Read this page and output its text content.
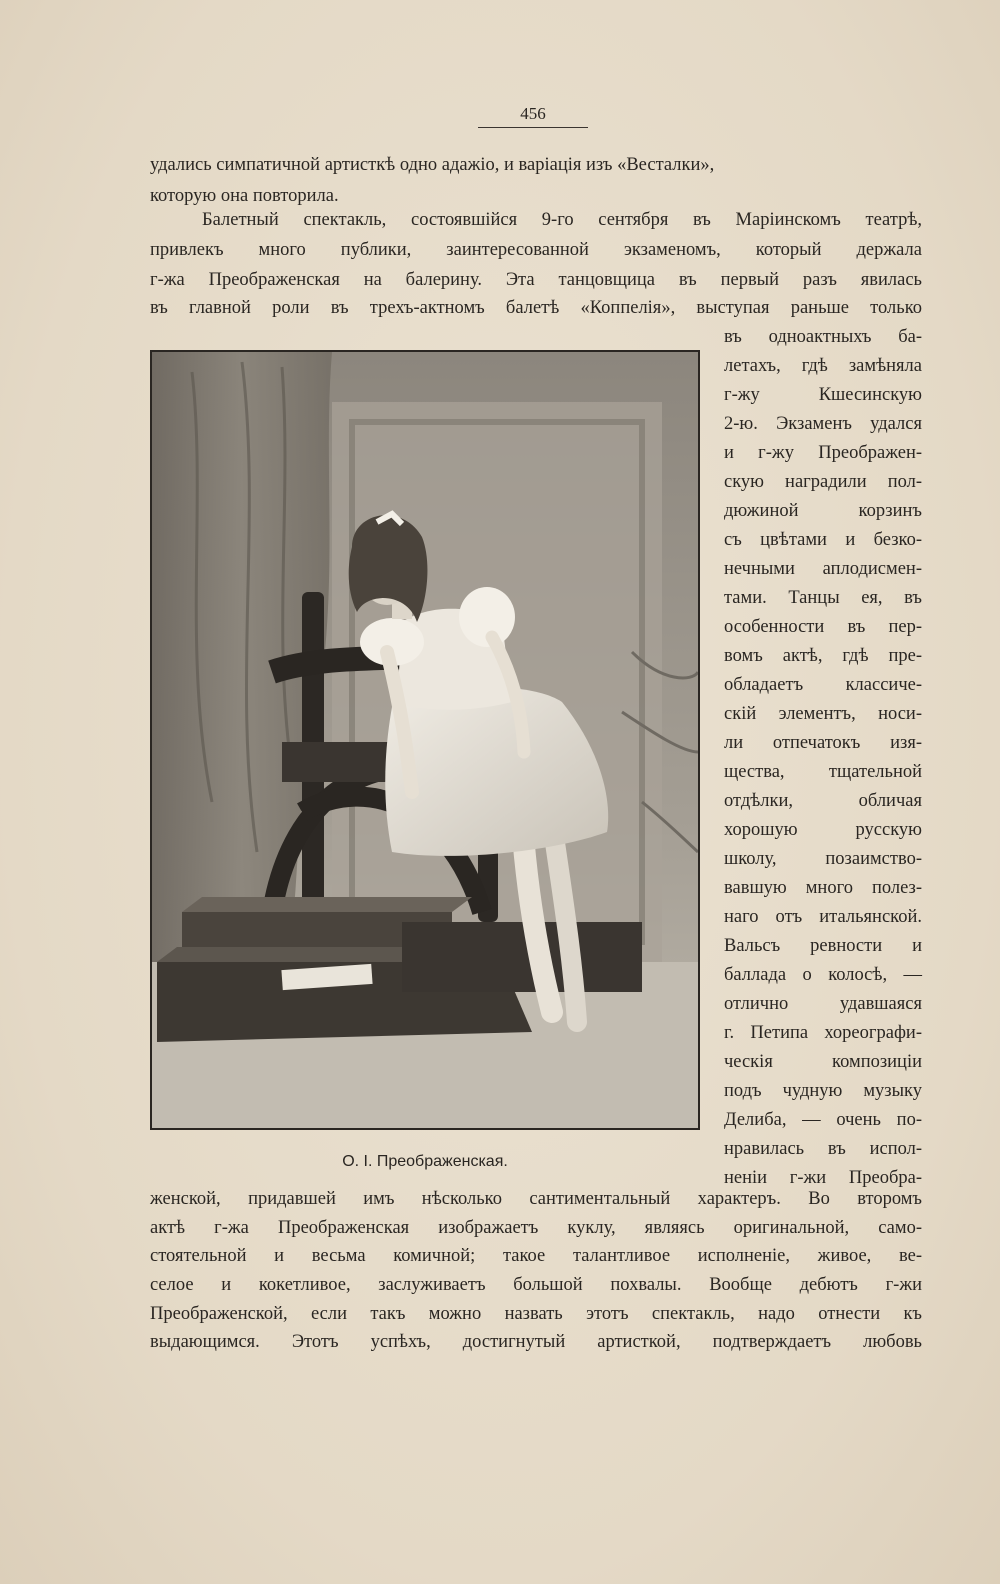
456
удались симпатичной артисткѣ одно адажіо, и варіація изъ «Весталки»,
которую она повторила.
Балетный спектакль, состоявшійся 9-го сентября въ Маріинскомъ театрѣ,
привлекъ много публики, заинтересованной экзаменомъ, который держала
г-жа Преображенская на балерину. Эта танцовщица въ первый разъ явилась
въ главной роли въ трехъ-актномъ балетѣ «Коппелія», выступая раньше только
О. І. Преображенская.
въ одноактныхъ ба-
летахъ, гдѣ замѣняла
г-жу Кшесинскую
2-ю. Экзаменъ удался
и г-жу Преображен-
скую наградили пол-
дюжиной корзинъ
съ цвѣтами и безко-
нечными аплодисмен-
тами. Танцы ея, въ
особенности въ пер-
вомъ актѣ, гдѣ пре-
обладаетъ классиче-
скій элементъ, носи-
ли отпечатокъ изя-
щества, тщательной
отдѣлки, обличая
хорошую русскую
школу, позаимство-
вавшую много полез-
наго отъ итальянской.
Вальсъ ревности и
баллада о колосѣ, —
отлично удавшаяся
г. Петипа хореографи-
ческія композиціи
подъ чудную музыку
Делиба, — очень по-
нравилась въ испол-
неніи г-жи Преобра-
женской, придавшей имъ нѣсколько сантиментальный характеръ. Во второмъ
актѣ г-жа Преображенская изображаетъ куклу, являясь оригинальной, само-
стоятельной и весьма комичной; такое талантливое исполненіе, живое, ве-
селое и кокетливое, заслуживаетъ большой похвалы. Вообще дебютъ г-жи
Преображенской, если такъ можно назвать этотъ спектакль, надо отнести къ
выдающимся. Этотъ успѣхъ, достигнутый артисткой, подтверждаетъ любовь
